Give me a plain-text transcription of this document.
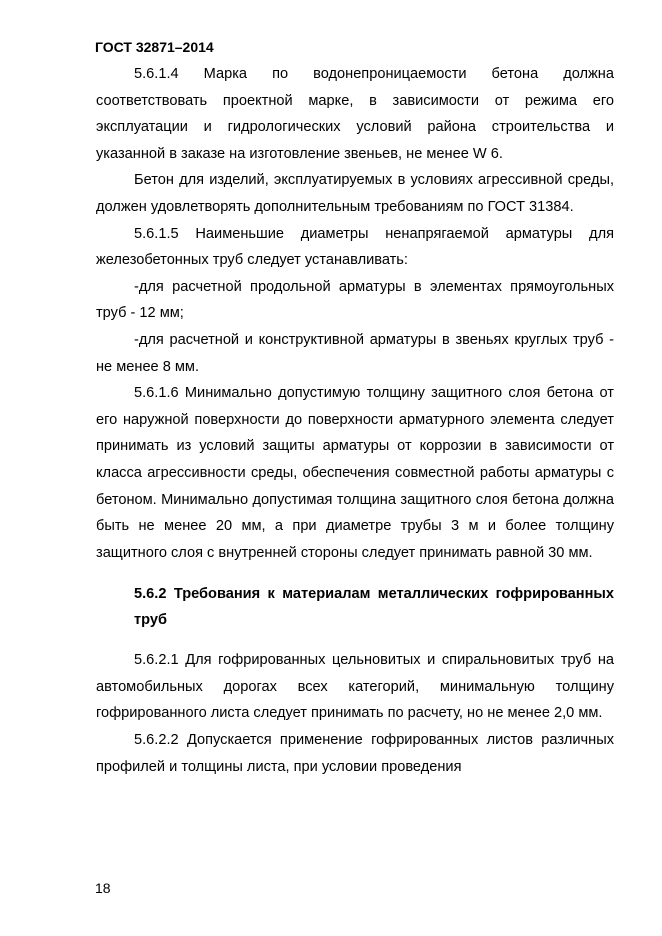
ГОСТ 32871–2014

5.6.1.4 Марка по водонепроницаемости бетона должна соответствовать проектной марке, в зависимости от режима его эксплуатации и гидрологических условий района строительства и указанной в заказе на изготовление звеньев, не менее W 6.

Бетон для изделий, эксплуатируемых в условиях агрессивной среды, должен удовлетворять дополнительным требованиям по ГОСТ 31384.

5.6.1.5 Наименьшие диаметры ненапрягаемой арматуры для железобетонных труб следует устанавливать:

-для расчетной продольной арматуры в элементах прямоугольных труб - 12 мм;

-для расчетной и конструктивной арматуры в звеньях круглых труб - не менее 8 мм.

5.6.1.6 Минимально допустимую толщину защитного слоя бетона от его наружной поверхности до поверхности арматурного элемента следует принимать из условий защиты арматуры от коррозии в зависимости от класса агрессивности среды, обеспечения совместной работы арматуры с бетоном. Минимально допустимая толщина защитного слоя бетона должна быть не менее 20 мм, а при диаметре трубы 3 м и более толщину защитного слоя с внутренней стороны следует принимать равной 30 мм.

5.6.2 Требования к материалам металлических гофрированных труб

5.6.2.1 Для гофрированных цельновитых и спиральновитых труб на автомобильных дорогах всех категорий, минимальную толщину гофрированного листа следует принимать по расчету, но не менее 2,0 мм.

5.6.2.2 Допускается применение гофрированных листов различных профилей и толщины листа, при условии проведения

18
